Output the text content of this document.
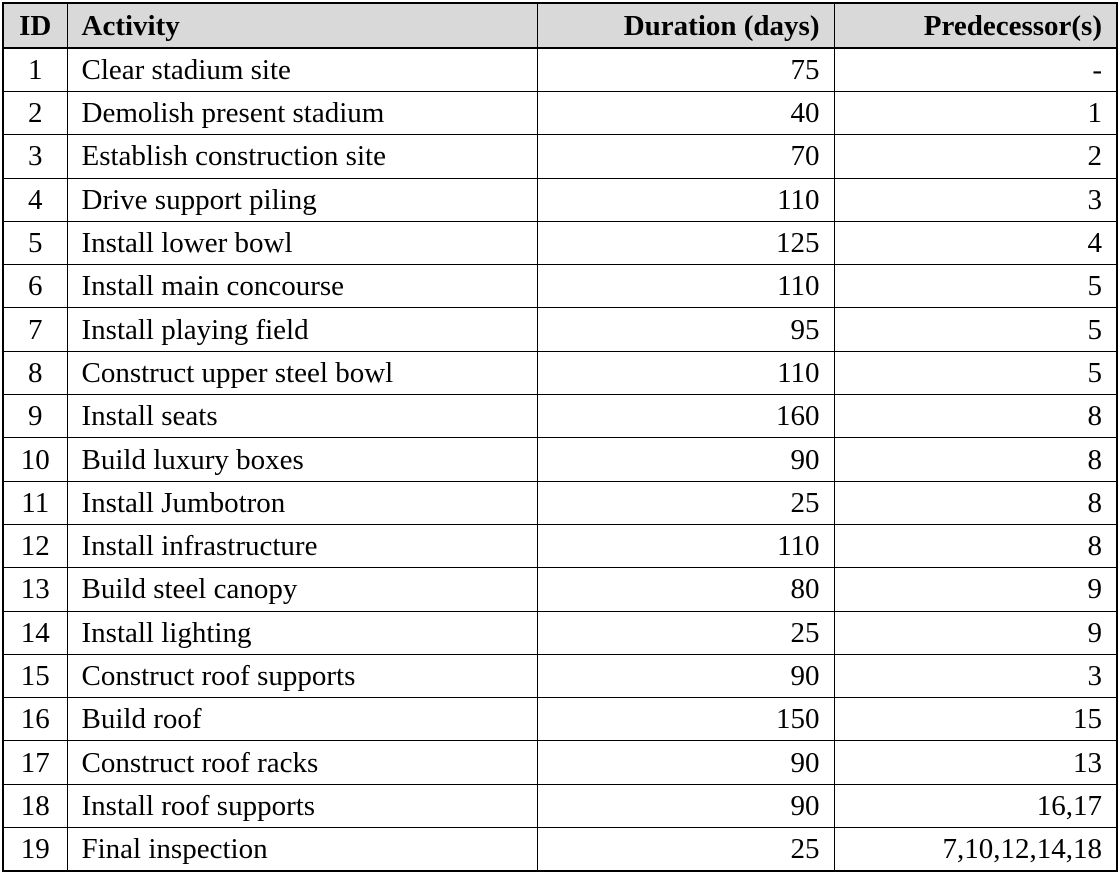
ID	Activity	Duration (days)	Predecessor(s)
1	Clear stadium site	75	-
2	Demolish present stadium	40	1
3	Establish construction site	70	2
4	Drive support piling	110	3
5	Install lower bowl	125	4
6	Install main concourse	110	5
7	Install playing field	95	5
8	Construct upper steel bowl	110	5
9	Install seats	160	8
10	Build luxury boxes	90	8
11	Install Jumbotron	25	8
12	Install infrastructure	110	8
13	Build steel canopy	80	9
14	Install lighting	25	9
15	Construct roof supports	90	3
16	Build roof	150	15
17	Construct roof racks	90	13
18	Install roof supports	90	16,17
19	Final inspection	25	7,10,12,14,18
